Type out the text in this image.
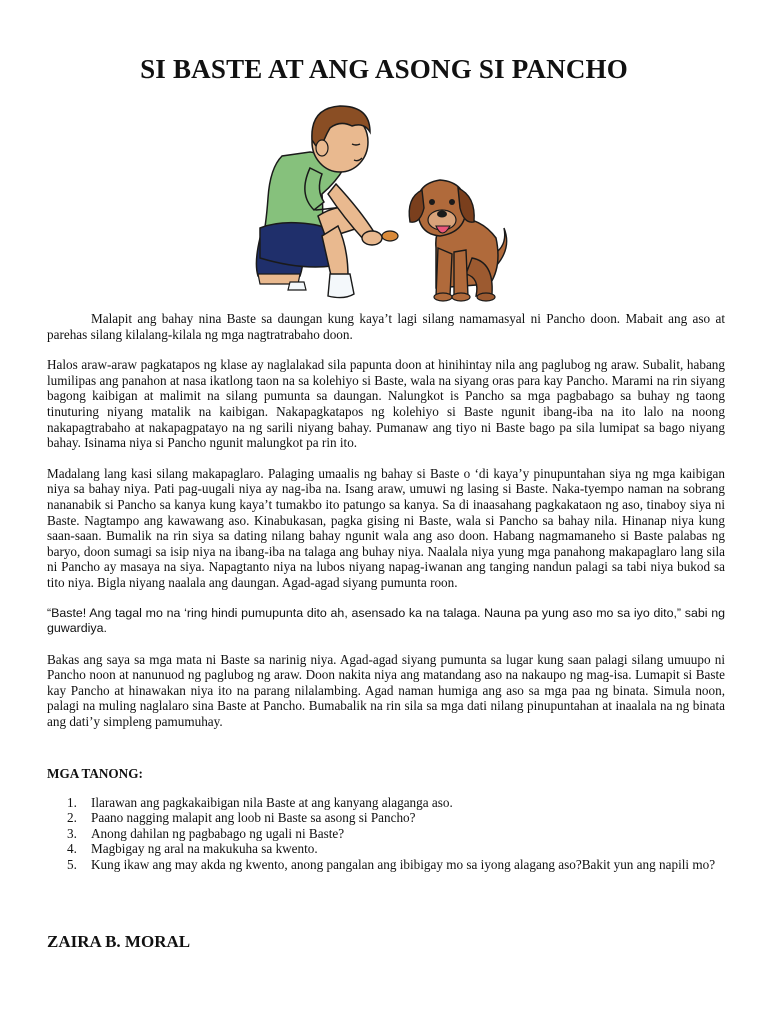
SI BASTE AT ANG ASONG SI PANCHO

Malapit ang bahay nina Baste sa daungan kung kaya’t lagi silang namamasyal ni Pancho doon. Mabait ang aso at parehas silang kilalang-kilala ng mga nagtratrabaho doon.

Halos araw-araw pagkatapos ng klase ay naglalakad sila papunta doon at hinihintay nila ang paglubog ng araw. Subalit, habang lumilipas ang panahon at nasa ikatlong taon na sa kolehiyo si Baste, wala na siyang oras para kay Pancho. Marami na rin siyang bagong kaibigan at malimit na silang pumunta sa daungan. Nalungkot is Pancho sa mga pagbabago sa buhay ng taong tinuturing niyang matalik na kaibigan. Nakapagkatapos ng kolehiyo si Baste ngunit ibang-iba na ito lalo na noong nakapagtrabaho at nakapagpatayo na ng sarili niyang bahay. Pumanaw ang tiyo ni Baste bago pa sila lumipat sa bago niyang bahay. Isinama niya si Pancho ngunit malungkot pa rin ito.

Madalang lang kasi silang makapaglaro. Palaging umaalis ng bahay si Baste o ‘di kaya’y pinupuntahan siya ng mga kaibigan niya sa bahay niya. Pati pag-uugali niya ay nag-iba na. Isang araw, umuwi ng lasing si Baste. Naka-tyempo naman na sobrang nananabik si Pancho sa kanya kung kaya’t tumakbo ito patungo sa kanya. Sa di inaasahang pagkakataon ng aso, tinaboy siya ni Baste. Nagtampo ang kawawang aso. Kinabukasan, pagka gising ni Baste, wala si Pancho sa bahay nila. Hinanap niya kung saan-saan. Bumalik na rin siya sa dating nilang bahay ngunit wala ang aso doon. Habang nagmamaneho si Baste palabas ng baryo, doon sumagi sa isip niya na ibang-iba na talaga ang buhay niya. Naalala niya yung mga panahong makapaglaro lang sila ni Pancho ay masaya na siya. Napagtanto niya na lubos niyang napag-iwanan ang tanging nandun palagi sa tabi niya bukod sa tito niya. Bigla niyang naalala ang daungan. Agad-agad siyang pumunta roon.

“Baste! Ang tagal mo na ‘ring hindi pumupunta dito ah, asensado ka na talaga. Nauna pa yung aso mo sa iyo dito,” sabi ng guwardiya.

Bakas ang saya sa mga mata ni Baste sa narinig niya. Agad-agad siyang pumunta sa lugar kung saan palagi silang umuupo ni Pancho noon at nanunuod ng paglubog ng araw. Doon nakita niya ang matandang aso na nakaupo ng mag-isa. Lumapit si Baste kay Pancho at hinawakan niya ito na parang nilalambing. Agad naman humiga ang aso sa mga paa ng binata. Simula noon, palagi na muling naglalaro sina Baste at Pancho. Bumabalik na rin sila sa mga dati nilang pinupuntahan at inaalala na ng binata ang dati’y simpleng pamumuhay.

MGA TANONG:
1.	Ilarawan ang pagkakaibigan nila Baste at ang kanyang alaganga aso.
2.	Paano nagging malapit ang loob ni Baste sa asong si Pancho?
3.	Anong dahilan ng pagbabago ng ugali ni Baste?
4.	Magbigay ng aral na makukuha sa kwento.
5.	Kung ikaw ang may akda ng kwento, anong pangalan ang ibibigay mo sa iyong alagang aso?Bakit yun ang napili mo?
ZAIRA B. MORAL
